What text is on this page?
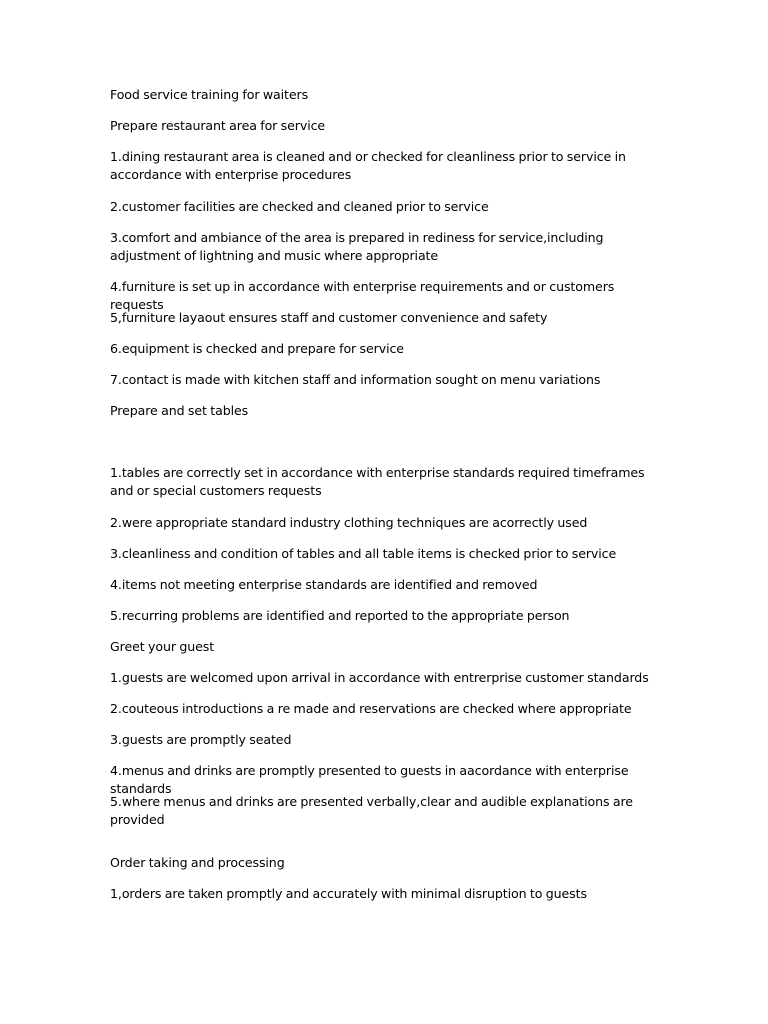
Food service training for waiters

Prepare restaurant area for service

1.dining restaurant area is cleaned and or checked for cleanliness prior to service in accordance with enterprise procedures

2.customer facilities are checked and cleaned prior to service

3.comfort and ambiance of the area is prepared in rediness for service,including adjustment of lightning and music where appropriate

4.furniture is set up in accordance with enterprise requirements and or customers requests

5,furniture layaout ensures staff and customer convenience and safety

6.equipment is checked and prepare for service

7.contact is made with kitchen staff and information sought on menu variations

Prepare and set tables

1.tables are correctly set in accordance with enterprise standards required timeframes and or special customers requests

2.were appropriate standard industry clothing techniques are acorrectly used

3.cleanliness and condition of tables and all table items is checked prior to service

4.items not meeting enterprise standards are identified and removed

5.recurring problems are identified and reported to the appropriate person

Greet your guest

1.guests are welcomed upon arrival in accordance with entrerprise customer standards

2.couteous introductions a re made and reservations are checked where appropriate

3.guests are promptly seated

4.menus and drinks are promptly presented to guests in aacordance with enterprise standards

5.where menus and drinks are presented verbally,clear and audible explanations are provided

Order taking and processing

1,orders are taken promptly and accurately with minimal disruption to guests
